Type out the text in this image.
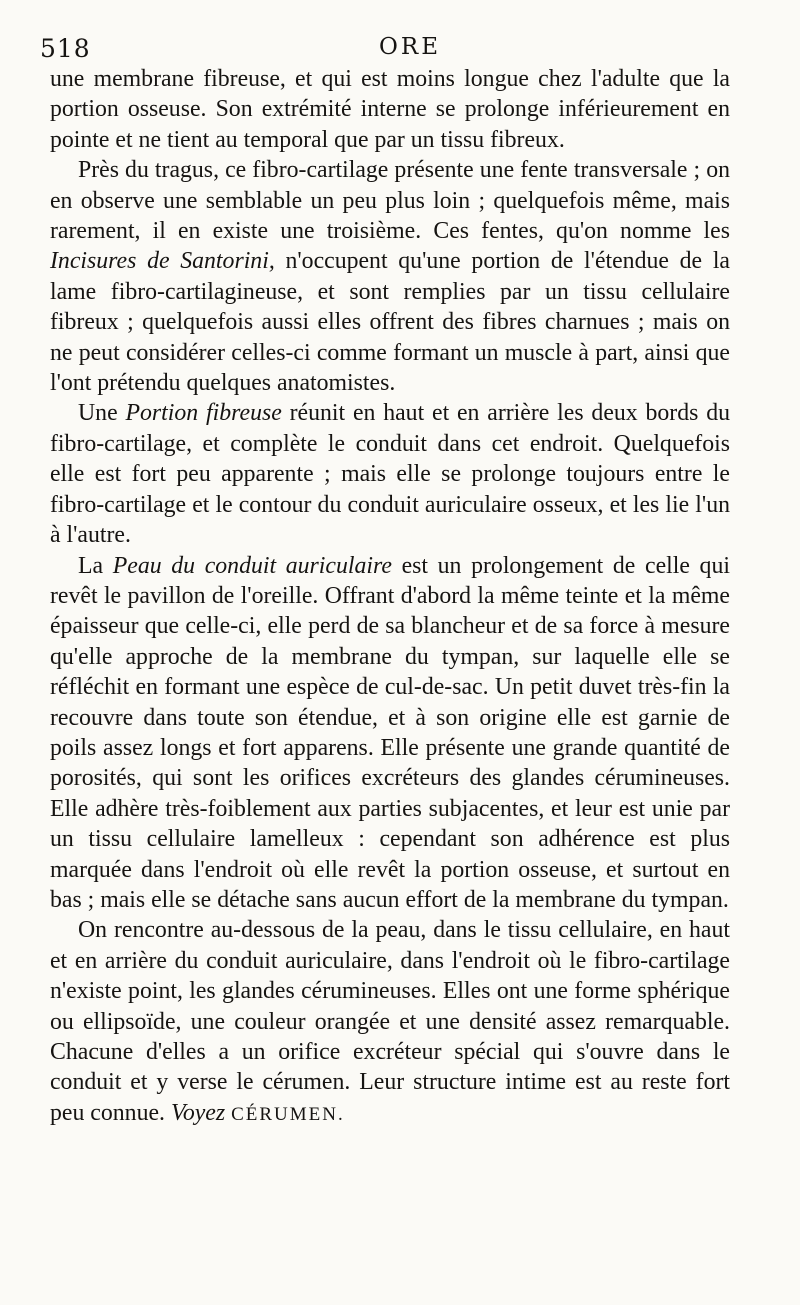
518	ORE

une membrane fibreuse, et qui est moins longue chez l'adulte que la portion osseuse. Son extrémité interne se prolonge inférieurement en pointe et ne tient au temporal que par un tissu fibreux.

Près du tragus, ce fibro-cartilage présente une fente transversale ; on en observe une semblable un peu plus loin ; quelquefois même, mais rarement, il en existe une troisième. Ces fentes, qu'on nomme les Incisures de Santorini, n'occupent qu'une portion de l'étendue de la lame fibro-cartilagineuse, et sont remplies par un tissu cellulaire fibreux ; quelquefois aussi elles offrent des fibres charnues ; mais on ne peut considérer celles-ci comme formant un muscle à part, ainsi que l'ont prétendu quelques anatomistes.

Une Portion fibreuse réunit en haut et en arrière les deux bords du fibro-cartilage, et complète le conduit dans cet endroit. Quelquefois elle est fort peu apparente ; mais elle se prolonge toujours entre le fibro-cartilage et le contour du conduit auriculaire osseux, et les lie l'un à l'autre.

La Peau du conduit auriculaire est un prolongement de celle qui revêt le pavillon de l'oreille. Offrant d'abord la même teinte et la même épaisseur que celle-ci, elle perd de sa blancheur et de sa force à mesure qu'elle approche de la membrane du tympan, sur laquelle elle se réfléchit en formant une espèce de cul-de-sac. Un petit duvet très-fin la recouvre dans toute son étendue, et à son origine elle est garnie de poils assez longs et fort apparens. Elle présente une grande quantité de porosités, qui sont les orifices excréteurs des glandes cérumineuses. Elle adhère très-foiblement aux parties subjacentes, et leur est unie par un tissu cellulaire lamelleux : cependant son adhérence est plus marquée dans l'endroit où elle revêt la portion osseuse, et surtout en bas ; mais elle se détache sans aucun effort de la membrane du tympan.

On rencontre au-dessous de la peau, dans le tissu cellulaire, en haut et en arrière du conduit auriculaire, dans l'endroit où le fibro-cartilage n'existe point, les glandes cérumineuses. Elles ont une forme sphérique ou ellipsoïde, une couleur orangée et une densité assez remarquable. Chacune d'elles a un orifice excréteur spécial qui s'ouvre dans le conduit et y verse le cérumen. Leur structure intime est au reste fort peu connue. Voyez CÉRUMEN.
